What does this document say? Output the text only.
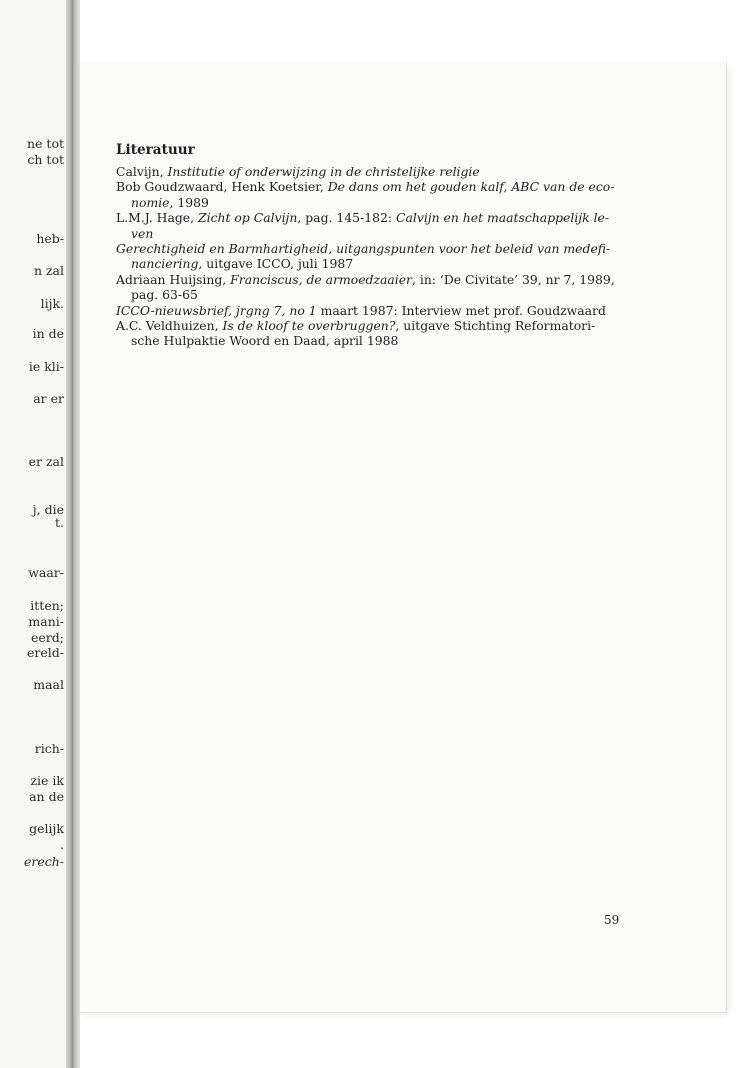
ne tot
ch tot
heb-
n zal
lijk.
in de
ie kli-
ar er
er zal
j, die
t.
waar-
itten;
mani-
eerd;
ereld-
maal
rich-
zie ik
an de
gelijk
.
erech-
Literatuur
Calvijn, Institutie of onderwijzing in de christelijke religie
Bob Goudzwaard, Henk Koetsier, De dans om het gouden kalf, ABC van de eco-
nomie, 1989
L.M.J. Hage, Zicht op Calvijn, pag. 145-182: Calvijn en het maatschappelijk le-
ven
Gerechtigheid en Barmhartigheid, uitgangspunten voor het beleid van medefi-
nanciering, uitgave ICCO, juli 1987
Adriaan Huijsing, Franciscus, de armoedzaaier, in: ‘De Civitate’ 39, nr 7, 1989,
pag. 63-65
ICCO-nieuwsbrief, jrgng 7, no 1 maart 1987: Interview met prof. Goudzwaard
A.C. Veldhuizen, Is de kloof te overbruggen?, uitgave Stichting Reformatori-
sche Hulpaktie Woord en Daad, april 1988
59
